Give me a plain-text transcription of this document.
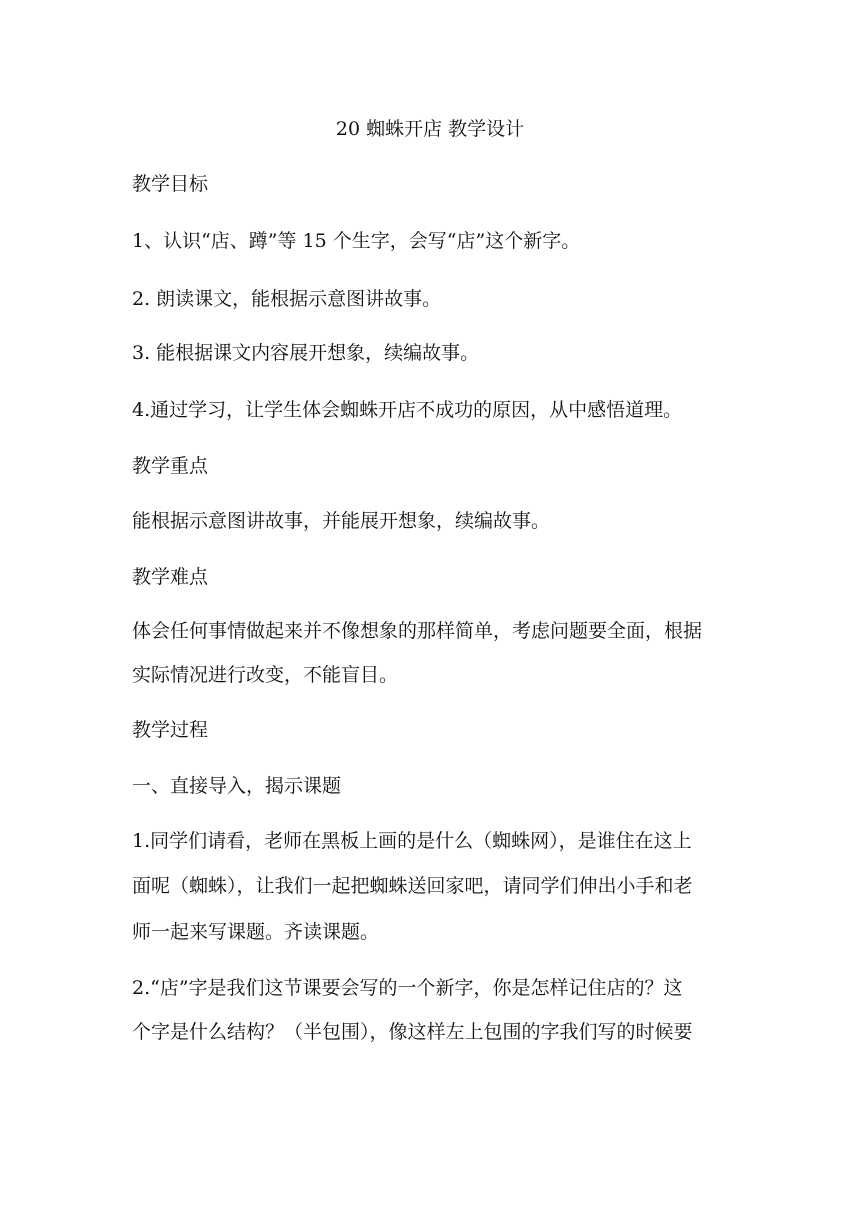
20 蜘蛛开店 教学设计
教学目标
1、认识“店、蹲”等 15 个生字，会写“店”这个新字。
2. 朗读课文，能根据示意图讲故事。
3. 能根据课文内容展开想象，续编故事。
4.通过学习，让学生体会蜘蛛开店不成功的原因，从中感悟道理。
教学重点
能根据示意图讲故事，并能展开想象，续编故事。
教学难点
体会任何事情做起来并不像想象的那样简单，考虑问题要全面，根据
实际情况进行改变，不能盲目。
教学过程
一、直接导入，揭示课题
1.同学们请看，老师在黑板上画的是什么（蜘蛛网），是谁住在这上
面呢（蜘蛛），让我们一起把蜘蛛送回家吧，请同学们伸出小手和老
师一起来写课题。齐读课题。
2.“店”字是我们这节课要会写的一个新字，你是怎样记住店的？这
个字是什么结构？（半包围），像这样左上包围的字我们写的时候要
